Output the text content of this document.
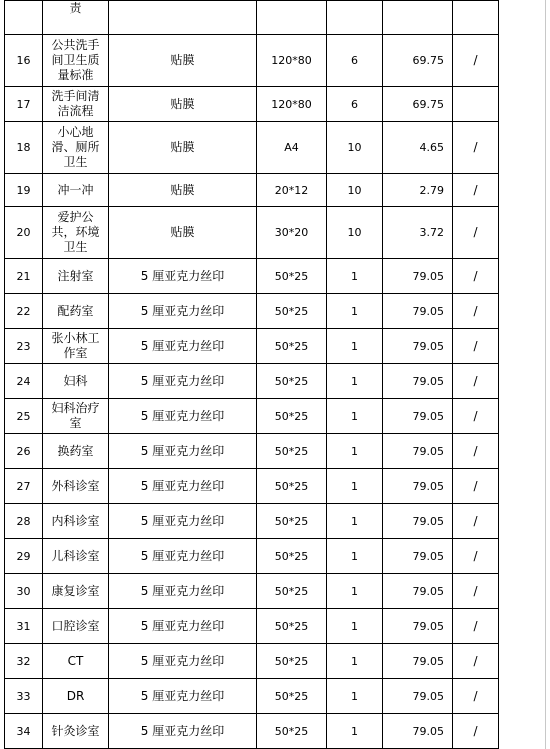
	责					
16	公共洗手间卫生质量标准	贴膜	120*80	6	69.75	/
17	洗手间清洁流程	贴膜	120*80	6	69.75	
18	小心地滑、厕所卫生	贴膜	A4	10	4.65	/
19	冲一冲	贴膜	20*12	10	2.79	/
20	爱护公共，环境卫生	贴膜	30*20	10	3.72	/
21	注射室	5 厘亚克力丝印	50*25	1	79.05	/
22	配药室	5 厘亚克力丝印	50*25	1	79.05	/
23	张小林工作室	5 厘亚克力丝印	50*25	1	79.05	/
24	妇科	5 厘亚克力丝印	50*25	1	79.05	/
25	妇科治疗室	5 厘亚克力丝印	50*25	1	79.05	/
26	换药室	5 厘亚克力丝印	50*25	1	79.05	/
27	外科诊室	5 厘亚克力丝印	50*25	1	79.05	/
28	内科诊室	5 厘亚克力丝印	50*25	1	79.05	/
29	儿科诊室	5 厘亚克力丝印	50*25	1	79.05	/
30	康复诊室	5 厘亚克力丝印	50*25	1	79.05	/
31	口腔诊室	5 厘亚克力丝印	50*25	1	79.05	/
32	CT	5 厘亚克力丝印	50*25	1	79.05	/
33	DR	5 厘亚克力丝印	50*25	1	79.05	/
34	针灸诊室	5 厘亚克力丝印	50*25	1	79.05	/
